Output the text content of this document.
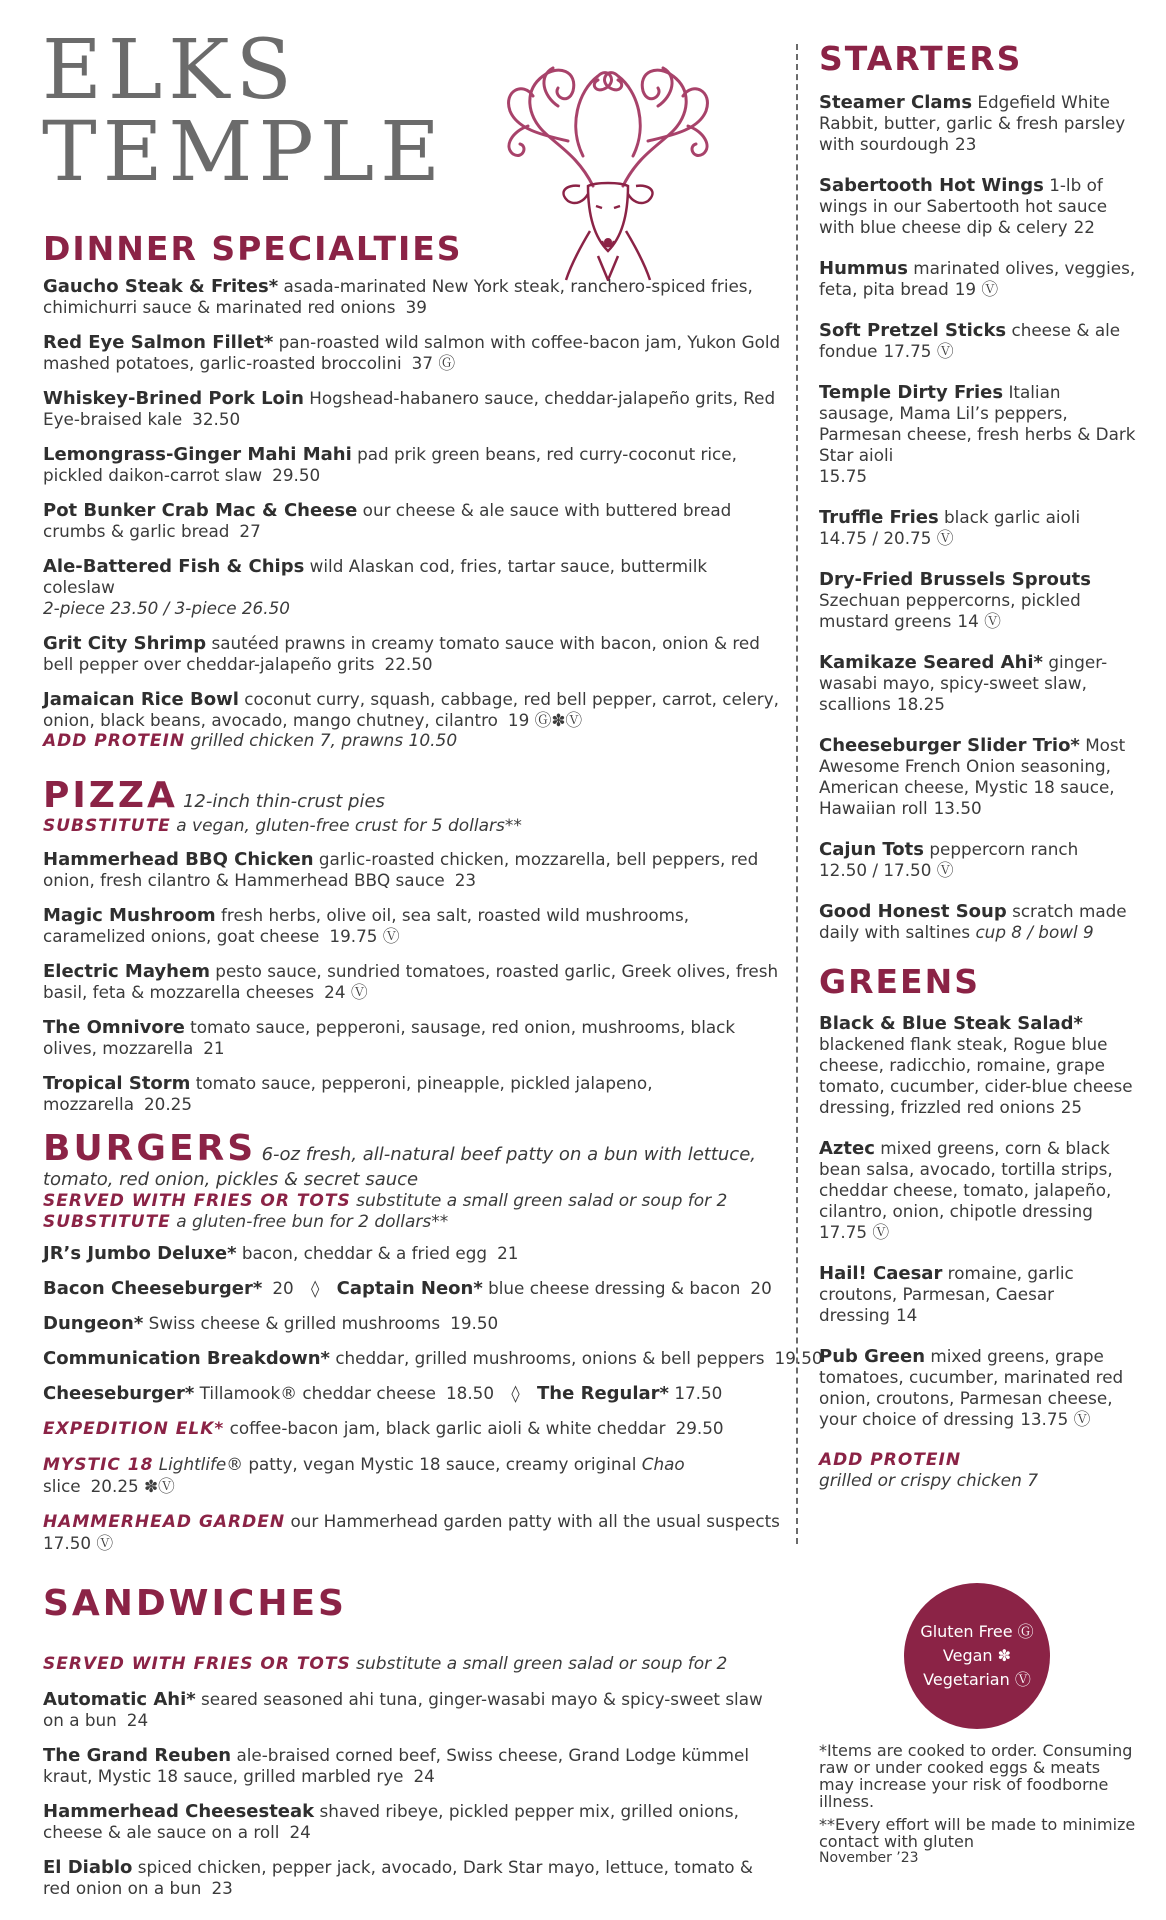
ELKS
TEMPLE
DINNER SPECIALTIES

Gaucho Steak & Frites* asada-marinated New York steak, ranchero-spiced fries, chimichurri sauce & marinated red onions 39

Red Eye Salmon Fillet* pan-roasted wild salmon with coffee-bacon jam, Yukon Gold mashed potatoes, garlic-roasted broccolini 37 Ⓖ

Whiskey-Brined Pork Loin Hogshead-habanero sauce, cheddar-jalapeño grits, Red Eye-braised kale 32.50

Lemongrass-Ginger Mahi Mahi pad prik green beans, red curry-coconut rice, pickled daikon-carrot slaw 29.50

Pot Bunker Crab Mac & Cheese our cheese & ale sauce with buttered bread crumbs & garlic bread 27

Ale-Battered Fish & Chips wild Alaskan cod, fries, tartar sauce, buttermilk coleslaw
2-piece 23.50 / 3-piece 26.50

Grit City Shrimp sautéed prawns in creamy tomato sauce with bacon, onion & red bell pepper over cheddar-jalapeño grits 22.50

Jamaican Rice Bowl coconut curry, squash, cabbage, red bell pepper, carrot, celery, onion, black beans, avocado, mango chutney, cilantro 19 Ⓖ✽Ⓥ

ADD PROTEIN grilled chicken 7, prawns 10.50

PIZZA 12-inch thin-crust pies

SUBSTITUTE a vegan, gluten-free crust for 5 dollars**

Hammerhead BBQ Chicken garlic-roasted chicken, mozzarella, bell peppers, red onion, fresh cilantro & Hammerhead BBQ sauce 23

Magic Mushroom fresh herbs, olive oil, sea salt, roasted wild mushrooms, caramelized onions, goat cheese 19.75 Ⓥ

Electric Mayhem pesto sauce, sundried tomatoes, roasted garlic, Greek olives, fresh basil, feta & mozzarella cheeses 24 Ⓥ

The Omnivore tomato sauce, pepperoni, sausage, red onion, mushrooms, black olives, mozzarella 21

Tropical Storm tomato sauce, pepperoni, pineapple, pickled jalapeno, mozzarella 20.25

BURGERS 6-oz fresh, all-natural beef patty on a bun with lettuce, tomato, red onion, pickles & secret sauce

SERVED WITH FRIES OR TOTS substitute a small green salad or soup for 2

SUBSTITUTE a gluten-free bun for 2 dollars**

JR’s Jumbo Deluxe* bacon, cheddar & a fried egg 21

Bacon Cheeseburger* 20 ◊ Captain Neon* blue cheese dressing & bacon 20

Dungeon* Swiss cheese & grilled mushrooms 19.50

Communication Breakdown* cheddar, grilled mushrooms, onions & bell peppers 19.50

Cheeseburger* Tillamook® cheddar cheese 18.50 ◊ The Regular* 17.50

EXPEDITION ELK* coffee-bacon jam, black garlic aioli & white cheddar 29.50

MYSTIC 18 Lightlife® patty, vegan Mystic 18 sauce, creamy original Chao slice 20.25 ✽Ⓥ

HAMMERHEAD GARDEN our Hammerhead garden patty with all the usual suspects
17.50 Ⓥ

SANDWICHES

SERVED WITH FRIES OR TOTS substitute a small green salad or soup for 2

Automatic Ahi* seared seasoned ahi tuna, ginger-wasabi mayo & spicy-sweet slaw on a bun 24

The Grand Reuben ale-braised corned beef, Swiss cheese, Grand Lodge kümmel kraut, Mystic 18 sauce, grilled marbled rye 24

Hammerhead Cheesesteak shaved ribeye, pickled pepper mix, grilled onions, cheese & ale sauce on a roll 24

El Diablo spiced chicken, pepper jack, avocado, Dark Star mayo, lettuce, tomato & red onion on a bun 23

STARTERS

Steamer Clams Edgefield White Rabbit, butter, garlic & fresh parsley with sourdough 23

Sabertooth Hot Wings 1-lb of wings in our Sabertooth hot sauce with blue cheese dip & celery 22

Hummus marinated olives, veggies, feta, pita bread 19 Ⓥ

Soft Pretzel Sticks cheese & ale fondue 17.75 Ⓥ

Temple Dirty Fries Italian sausage, Mama Lil’s peppers, Parmesan cheese, fresh herbs & Dark Star aioli
15.75

Truffle Fries black garlic aioli
14.75 / 20.75 Ⓥ

Dry-Fried Brussels Sprouts
Szechuan peppercorns, pickled mustard greens 14 Ⓥ

Kamikaze Seared Ahi* ginger-wasabi mayo, spicy-sweet slaw, scallions 18.25

Cheeseburger Slider Trio* Most Awesome French Onion seasoning, American cheese, Mystic 18 sauce, Hawaiian roll 13.50

Cajun Tots peppercorn ranch
12.50 / 17.50 Ⓥ

Good Honest Soup scratch made daily with saltines cup 8 / bowl 9

GREENS

Black & Blue Steak Salad*
blackened flank steak, Rogue blue cheese, radicchio, romaine, grape tomato, cucumber, cider-blue cheese dressing, frizzled red onions 25

Aztec mixed greens, corn & black bean salsa, avocado, tortilla strips, cheddar cheese, tomato, jalapeño, cilantro, onion, chipotle dressing
17.75 Ⓥ

Hail! Caesar romaine, garlic croutons, Parmesan, Caesar dressing 14

Pub Green mixed greens, grape tomatoes, cucumber, marinated red onion, croutons, Parmesan cheese, your choice of dressing 13.75 Ⓥ

ADD PROTEIN
grilled or crispy chicken 7

Gluten Free Ⓖ
Vegan ✽
Vegetarian Ⓥ

*Items are cooked to order. Consuming raw or under cooked eggs & meats may increase your risk of foodborne illness.

**Every effort will be made to minimize contact with gluten

November ’23
